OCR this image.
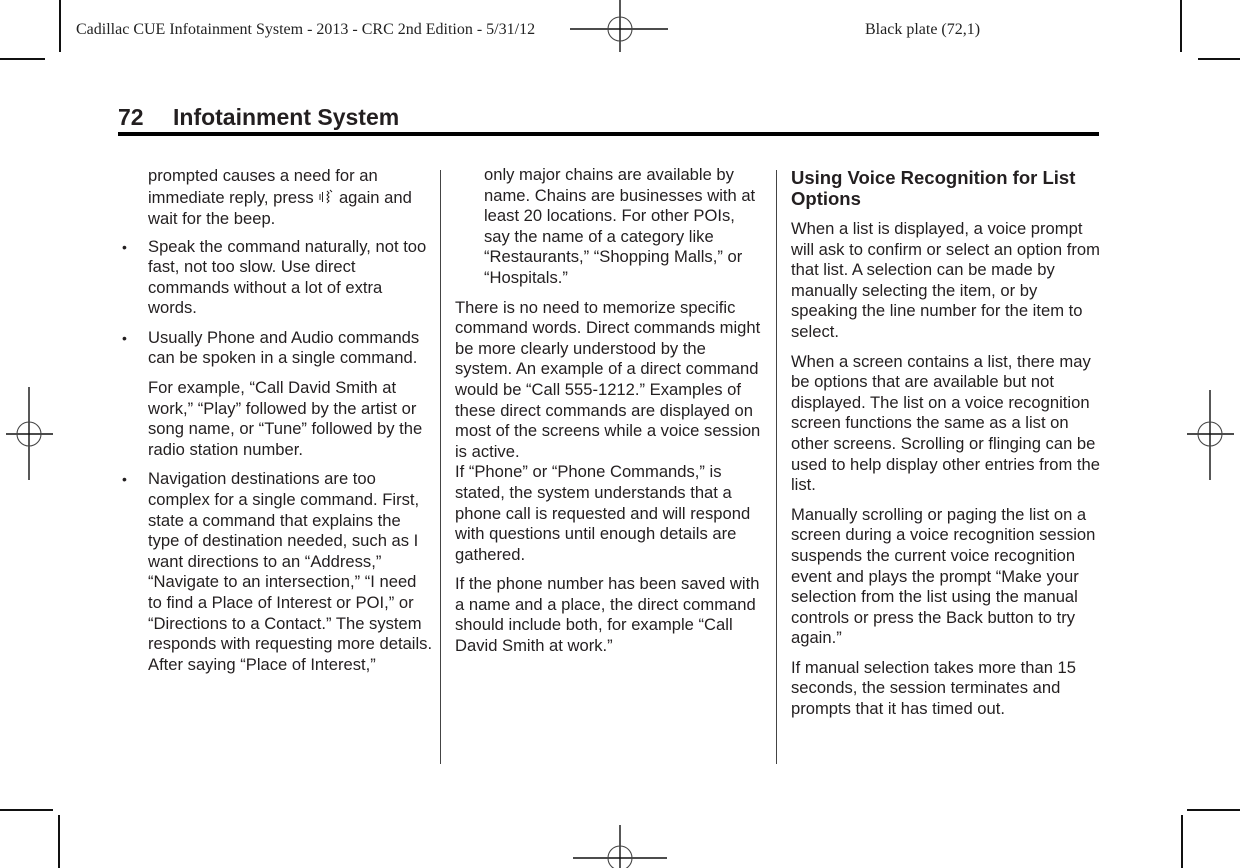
Cadillac CUE Infotainment System - 2013 - CRC 2nd Edition - 5/31/12	Black plate (72,1)
72 Infotainment System

prompted causes a need for an immediate reply, press again and wait for the beep.

• Speak the command naturally, not too fast, not too slow. Use direct commands without a lot of extra words.

• Usually Phone and Audio commands can be spoken in a single command.

For example, “Call David Smith at work,” “Play” followed by the artist or song name, or “Tune” followed by the radio station number.

• Navigation destinations are too complex for a single command. First, state a command that explains the type of destination needed, such as I want directions to an “Address,” “Navigate to an intersection,” “I need to find a Place of Interest or POI,” or “Directions to a Contact.” The system responds with requesting more details. After saying “Place of Interest,”

only major chains are available by name. Chains are businesses with at least 20 locations. For other POIs, say the name of a category like “Restaurants,” “Shopping Malls,” or “Hospitals.”

There is no need to memorize specific command words. Direct commands might be more clearly understood by the system. An example of a direct command would be “Call 555-1212.” Examples of these direct commands are displayed on most of the screens while a voice session is active.

If “Phone” or “Phone Commands,” is stated, the system understands that a phone call is requested and will respond with questions until enough details are gathered.

If the phone number has been saved with a name and a place, the direct command should include both, for example “Call David Smith at work.”

Using Voice Recognition for List Options

When a list is displayed, a voice prompt will ask to confirm or select an option from that list. A selection can be made by manually selecting the item, or by speaking the line number for the item to select.

When a screen contains a list, there may be options that are available but not displayed. The list on a voice recognition screen functions the same as a list on other screens. Scrolling or flinging can be used to help display other entries from the list.

Manually scrolling or paging the list on a screen during a voice recognition session suspends the current voice recognition event and plays the prompt “Make your selection from the list using the manual controls or press the Back button to try again.”

If manual selection takes more than 15 seconds, the session terminates and prompts that it has timed out.
